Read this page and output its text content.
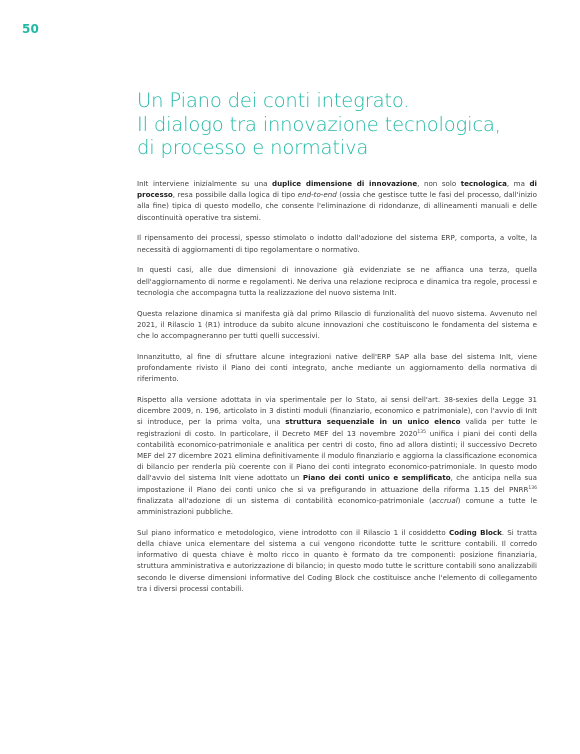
50
Un Piano dei conti integrato.
Il dialogo tra innovazione tecnologica,
di processo e normativa

InIt interviene inizialmente su una duplice dimensione di innovazione, non solo tecnologica, ma di processo, resa possibile dalla logica di tipo end-to-end (ossia che gestisce tutte le fasi del processo, dall'inizio alla fine) tipica di questo modello, che consente l'eliminazione di ridondanze, di allineamenti manuali e delle discontinuità operative tra sistemi.

Il ripensamento dei processi, spesso stimolato o indotto dall'adozione del sistema ERP, comporta, a volte, la necessità di aggiornamenti di tipo regolamentare o normativo.

In questi casi, alle due dimensioni di innovazione già evidenziate se ne affianca una terza, quella dell'aggiornamento di norme e regolamenti. Ne deriva una relazione reciproca e dinamica tra regole, processi e tecnologia che accompagna tutta la realizzazione del nuovo sistema InIt.

Questa relazione dinamica si manifesta già dal primo Rilascio di funzionalità del nuovo sistema. Avvenuto nel 2021, il Rilascio 1 (R1) introduce da subito alcune innovazioni che costituiscono le fondamenta del sistema e che lo accompagneranno per tutti quelli successivi.

Innanzitutto, al fine di sfruttare alcune integrazioni native dell'ERP SAP alla base del sistema InIt, viene profondamente rivisto il Piano dei conti integrato, anche mediante un aggiornamento della normativa di riferimento.

Rispetto alla versione adottata in via sperimentale per lo Stato, ai sensi dell'art. 38-sexies della Legge 31 dicembre 2009, n. 196, articolato in 3 distinti moduli (finanziario, economico e patrimoniale), con l'avvio di InIt si introduce, per la prima volta, una struttura sequenziale in un unico elenco valida per tutte le registrazioni di costo. In particolare, il Decreto MEF del 13 novembre 2020$^{135}$ unifica i piani dei conti della contabilità economico-patrimoniale e analitica per centri di costo, fino ad allora distinti; il successivo Decreto MEF del 27 dicembre 2021 elimina definitivamente il modulo finanziario e aggiorna la classificazione economica di bilancio per renderla più coerente con il Piano dei conti integrato economico-patrimoniale. In questo modo dall'avvio del sistema InIt viene adottato un Piano dei conti unico e semplificato, che anticipa nella sua impostazione il Piano dei conti unico che si va prefigurando in attuazione della riforma 1.15 del PNRR$^{136}$ finalizzata all'adozione di un sistema di contabilità economico-patrimoniale (accrual) comune a tutte le amministrazioni pubbliche.

Sul piano informatico e metodologico, viene introdotto con il Rilascio 1 il cosiddetto Coding Block. Si tratta della chiave unica elementare del sistema a cui vengono ricondotte tutte le scritture contabili. Il corredo informativo di questa chiave è molto ricco in quanto è formato da tre componenti: posizione finanziaria, struttura amministrativa e autorizzazione di bilancio; in questo modo tutte le scritture contabili sono analizzabili secondo le diverse dimensioni informative del Coding Block che costituisce anche l'elemento di collegamento tra i diversi processi contabili.
